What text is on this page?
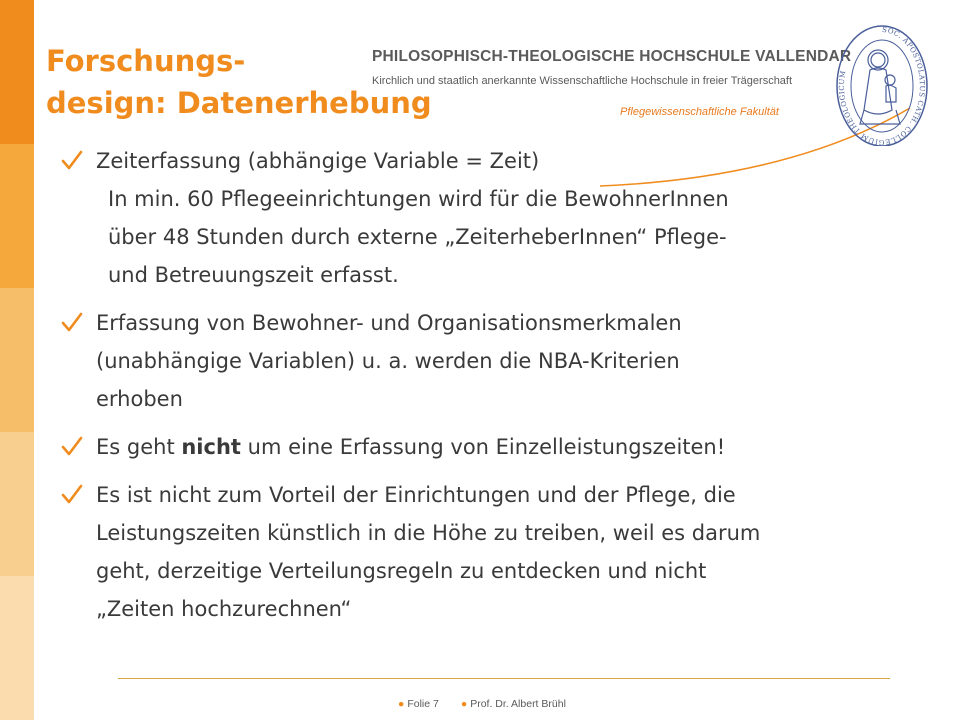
Forschungs-
design: Datenerhebung
PHILOSOPHISCH-THEOLOGISCHE HOCHSCHULE VALLENDAR
Kirchlich und staatlich anerkannte Wissenschaftliche Hochschule in freier Trägerschaft
Pflegewissenschaftliche Fakultät
SOC. APOSTOLATUS CATH. COLLEGIUM THEOLOGICUM
Zeiterfassung (abhängige Variable = Zeit)
In min. 60 Pflegeeinrichtungen wird für die BewohnerInnen
über 48 Stunden durch externe „ZeiterheberInnen“ Pflege-
und Betreuungszeit erfasst.
Erfassung von Bewohner- und Organisationsmerkmalen
(unabhängige Variablen) u. a. werden die NBA-Kriterien
erhoben
Es geht nicht um eine Erfassung von Einzelleistungszeiten!
Es ist nicht zum Vorteil der Einrichtungen und der Pflege, die
Leistungszeiten künstlich in die Höhe zu treiben, weil es darum
geht, derzeitige Verteilungsregeln zu entdecken und nicht
„Zeiten hochzurechnen“
● Folie 7 ● Prof. Dr. Albert Brühl
